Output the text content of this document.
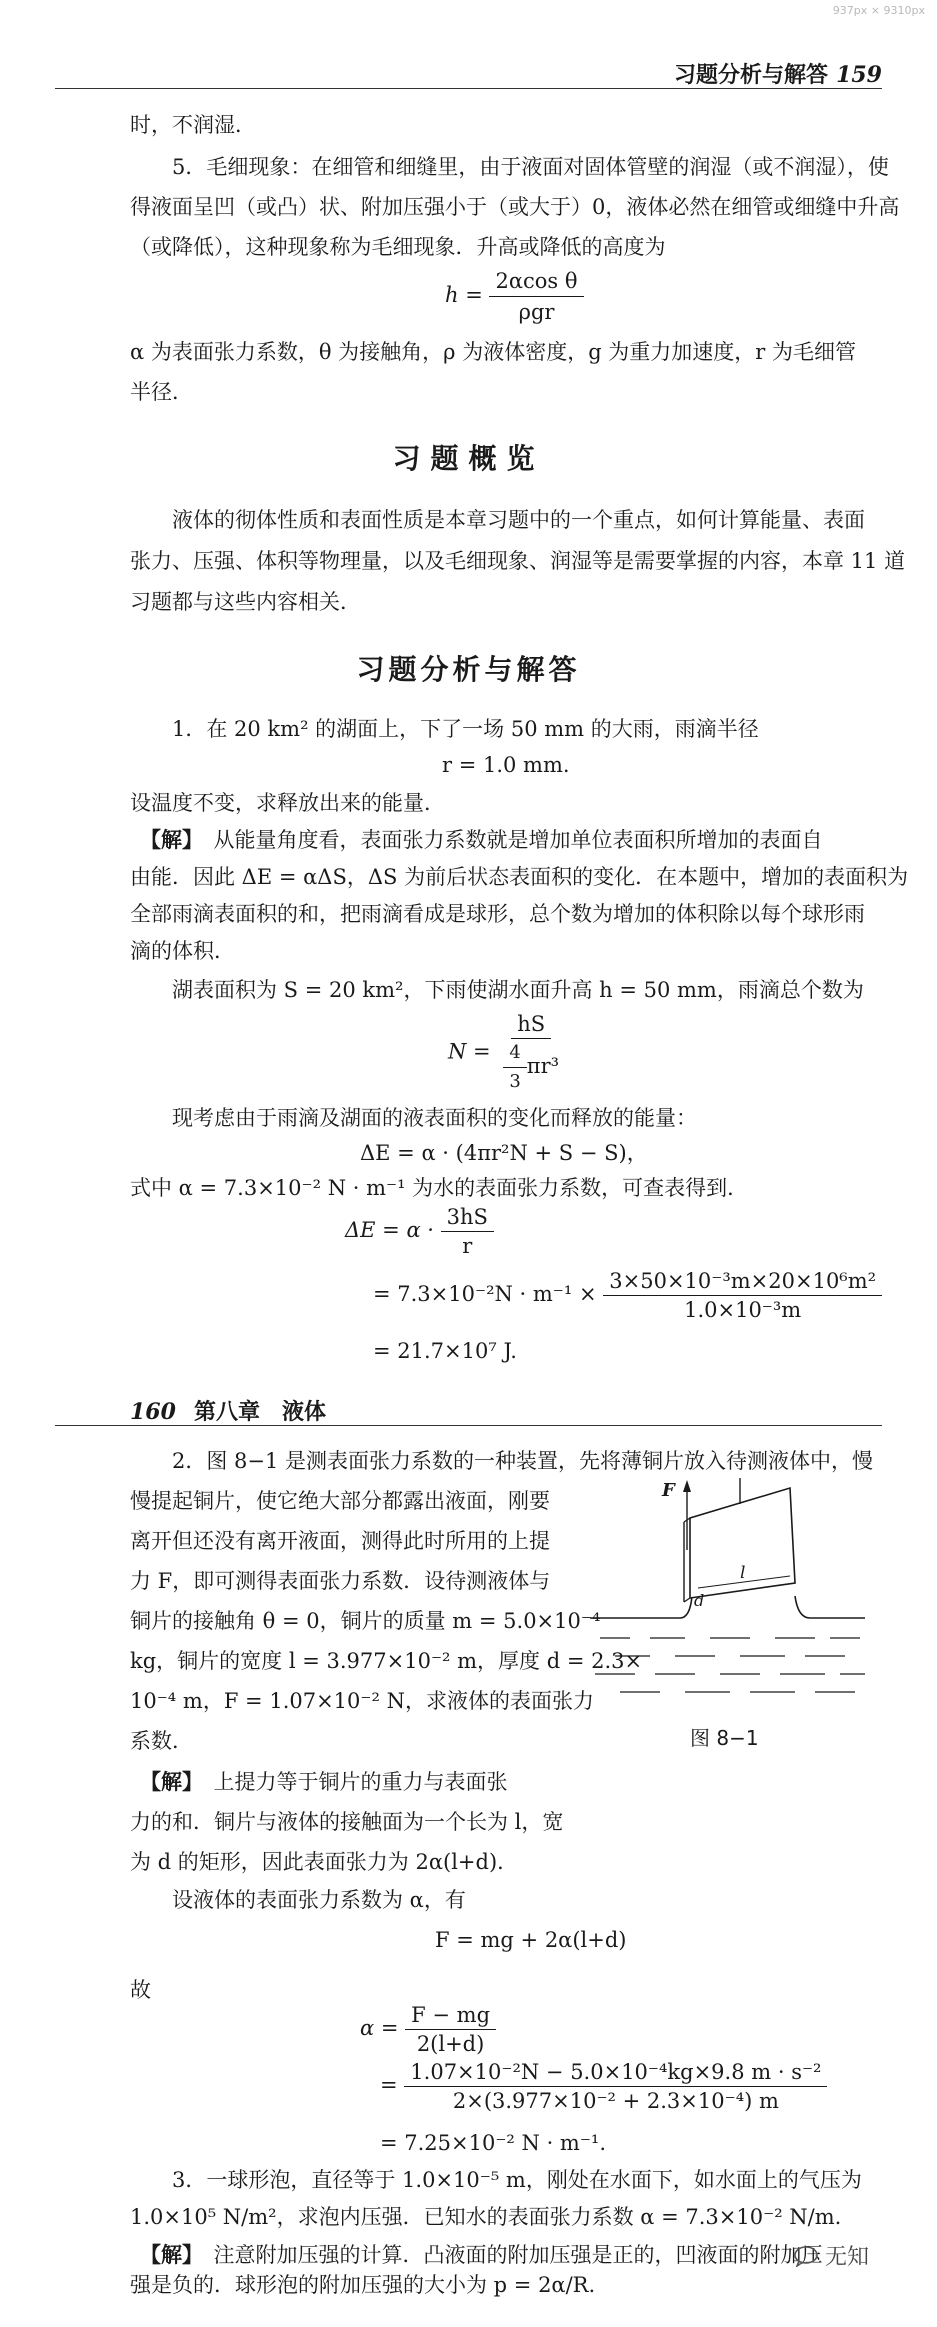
937px × 9310px
习题分析与解答 159

时，不润湿．

5．毛细现象：在细管和细缝里，由于液面对固体管壁的润湿（或不润湿），使

得液面呈凹（或凸）状、附加压强小于（或大于）0，液体必然在细管或细缝中升高

（或降低），这种现象称为毛细现象．升高或降低的高度为

$h = \frac{\text{2αcos θ}}{\text{ρgr}}$

α 为表面张力系数，θ 为接触角，ρ 为液体密度，g 为重力加速度，r 为毛细管

半径．

习题概览

液体的彻体性质和表面性质是本章习题中的一个重点，如何计算能量、表面

张力、压强、体积等物理量，以及毛细现象、润湿等是需要掌握的内容，本章 11 道

习题都与这些内容相关．

习题分析与解答

1．在 20 km² 的湖面上，下了一场 50 mm 的大雨，雨滴半径

r = 1.0 mm.

设温度不变，求释放出来的能量．

【解】　 从能量角度看，表面张力系数就是增加单位表面积所增加的表面自

由能．因此 ΔE = αΔS，ΔS 为前后状态表面积的变化．在本题中，增加的表面积为

全部雨滴表面积的和，把雨滴看成是球形，总个数为增加的体积除以每个球形雨

滴的体积．

湖表面积为 S = 20 km²，下雨使湖水面升高 h = 50 mm，雨滴总个数为

$N = \frac{hS}{\frac{4}{3} \pi r^3}$

现考虑由于雨滴及湖面的液表面积的变化而释放的能量：

ΔE = α · (4πr²N + S − S)，

式中 α = 7.3×10⁻² N · m⁻¹ 为水的表面张力系数，可查表得到．

$\Delta E = \alpha \cdot \frac{3hS}{r}$
= $7.3\times 10^{-2}N \cdot m^{-1} \times \frac{\text{3×50×10⁻³m×20×10⁶m²}}{\text{1.0×10⁻³m}}$

= 21.7×10⁷ J.

160 第八章　液体

2．图 8−1 是测表面张力系数的一种装置，先将薄铜片放入待测液体中，慢

慢提起铜片，使它绝大部分都露出液面，刚要

离开但还没有离开液面，测得此时所用的上提

力 F，即可测得表面张力系数．设待测液体与

铜片的接触角 θ = 0，铜片的质量 m = 5.0×10⁻⁴

kg，铜片的宽度 l = 3.977×10⁻² m，厚度 d = 2.3×

10⁻⁴ m，F = 1.07×10⁻² N，求液体的表面张力

系数．

F
d
l
图 8−1

【解】　 上提力等于铜片的重力与表面张

力的和．铜片与液体的接触面为一个长为 l，宽

为 d 的矩形，因此表面张力为 2α(l+d)．

设液体的表面张力系数为 α，有

F = mg + 2α(l+d)

故

$\alpha = \frac{F - mg}{2(l+d)}$
= $\frac{\text{1.07×10⁻²N − 5.0×10⁻⁴kg×9.8 m · s⁻²}}{\text{2×(3.977×10⁻² + 2.3×10⁻⁴) m}}$

= 7.25×10⁻² N · m⁻¹.

3．一球形泡，直径等于 1.0×10⁻⁵ m，刚处在水面下，如水面上的气压为

1.0×10⁵ N/m²，求泡内压强．已知水的表面张力系数 α = 7.3×10⁻² N/m.

【解】　 注意附加压强的计算．凸液面的附加压强是正的，凹液面的附加压

强是负的．球形泡的附加压强的大小为 p = 2α/R.

无知
